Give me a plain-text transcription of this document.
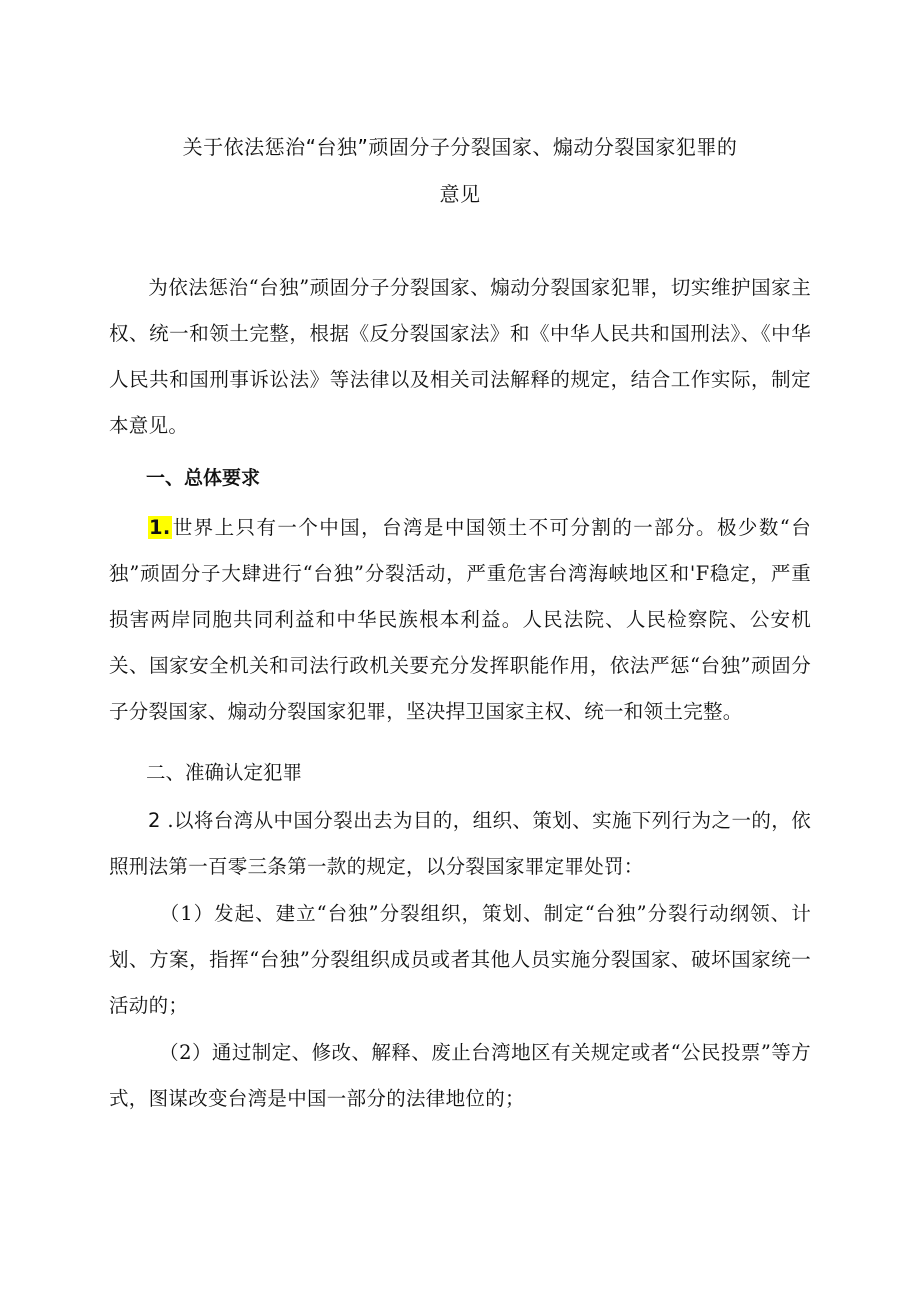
关于依法惩治“台独”顽固分子分裂国家、煽动分裂国家犯罪的
意见

为依法惩治“台独”顽固分子分裂国家、煽动分裂国家犯罪，切实维护国家主权、统一和领土完整，根据《反分裂国家法》和《中华人民共和国刑法》、《中华人民共和国刑事诉讼法》等法律以及相关司法解释的规定，结合工作实际，制定本意见。

一、总体要求

1.世界上只有一个中国，台湾是中国领土不可分割的一部分。极少数“台独”顽固分子大肆进行“台独”分裂活动，严重危害台湾海峡地区和'F稳定，严重损害两岸同胞共同利益和中华民族根本利益。人民法院、人民检察院、公安机关、国家安全机关和司法行政机关要充分发挥职能作用，依法严惩“台独”顽固分子分裂国家、煽动分裂国家犯罪，坚决捍卫国家主权、统一和领土完整。

二、准确认定犯罪

2 .以将台湾从中国分裂出去为目的，组织、策划、实施下列行为之一的，依照刑法第一百零三条第一款的规定，以分裂国家罪定罪处罚：

（1）发起、建立“台独”分裂组织，策划、制定“台独”分裂行动纲领、计划、方案，指挥“台独”分裂组织成员或者其他人员实施分裂国家、破坏国家统一活动的；

（2）通过制定、修改、解释、废止台湾地区有关规定或者“公民投票”等方式，图谋改变台湾是中国一部分的法律地位的；
